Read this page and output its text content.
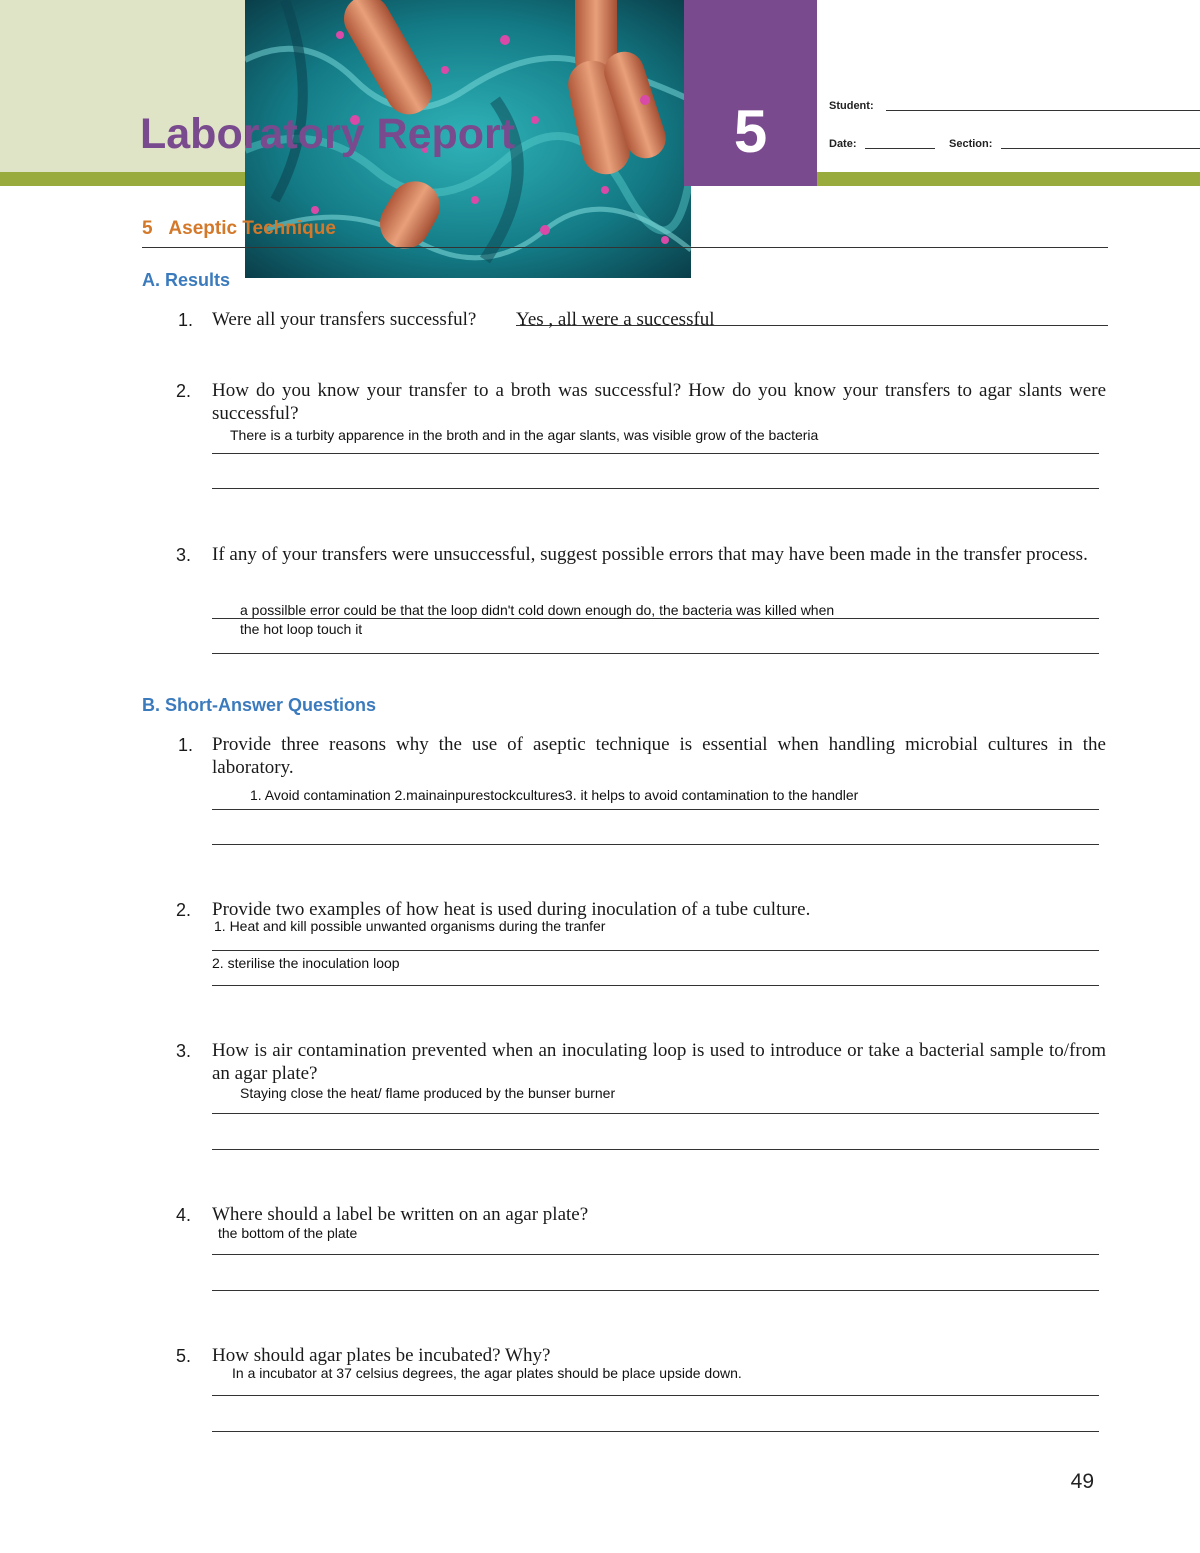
5
Laboratory Report
Student:
Date:	Section:
5 Aseptic Technique
A. Results
1. Were all your transfers successful? Yes , all were a successful
2. How do you know your transfer to a broth was successful? How do you know your transfers to agar slants were successful?
There is a turbity apparence in the broth and in the agar slants, was visible grow of the bacteria
3. If any of your transfers were unsuccessful, suggest possible errors that may have been made in the transfer process.
a possilble error could be that the loop didn't cold down enough do, the bacteria was killed when
the hot loop touch it
B. Short-Answer Questions
1. Provide three reasons why the use of aseptic technique is essential when handling microbial cultures in the laboratory.
1. Avoid contamination 2.mainainpurestockcultures3. it helps to avoid contamination to the handler
2. Provide two examples of how heat is used during inoculation of a tube culture.
1. Heat and kill possible unwanted organisms during the tranfer
2. sterilise the inoculation loop
3. How is air contamination prevented when an inoculating loop is used to introduce or take a bacterial sample to/from an agar plate?
Staying close the heat/ flame produced by the bunser burner
4. Where should a label be written on an agar plate?
the bottom of the plate
5. How should agar plates be incubated? Why?
In a incubator at 37 celsius degrees, the agar plates should be place upside down.
49
